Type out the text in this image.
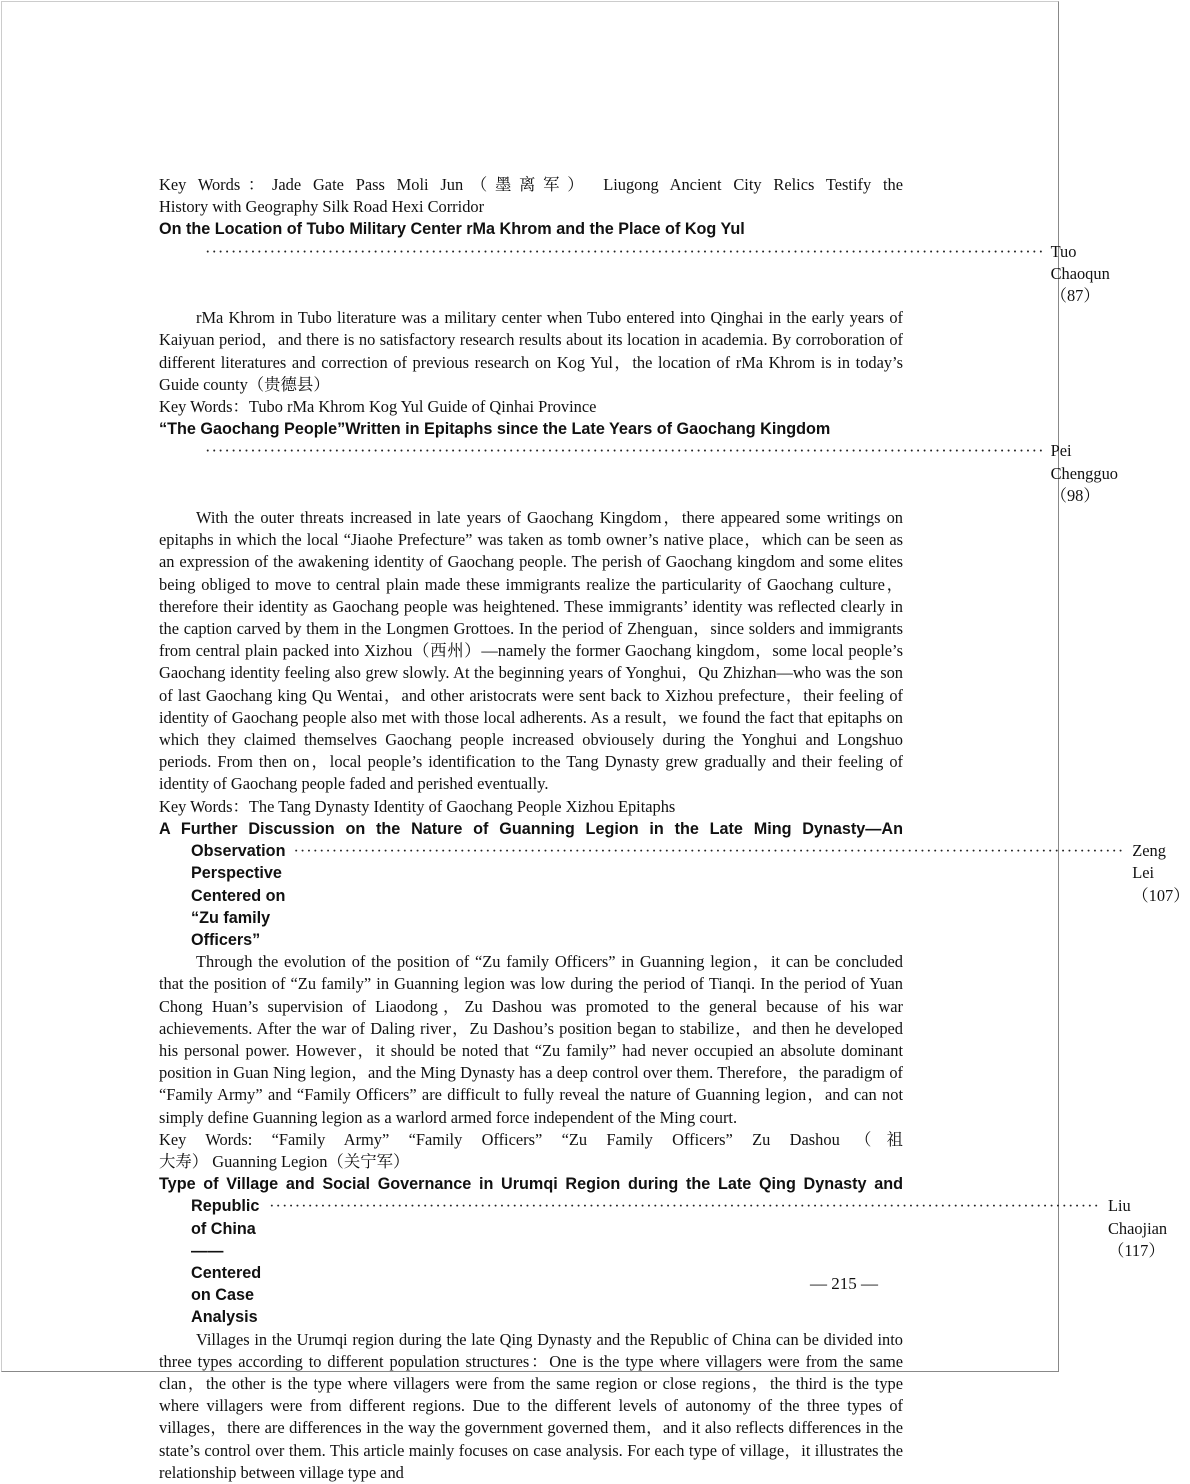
Key Words：Jade Gate Pass Moli Jun（墨离军） Liugong Ancient City Relics Testify the

History with Geography Silk Road Hexi Corridor

On the Location of Tubo Military Center rMa Khrom and the Place of Kog Yul

·································································································································· Tuo Chaoqun（87）

rMa Khrom in Tubo literature was a military center when Tubo entered into Qinghai in the early years of Kaiyuan period，and there is no satisfactory research results about its location in academia. By corroboration of different literatures and correction of previous research on Kog Yul，the location of rMa Khrom is in today’s Guide county（贵德县）

Key Words：Tubo rMa Khrom Kog Yul Guide of Qinhai Province

“The Gaochang People”Written in Epitaphs since the Late Years of Gaochang Kingdom

·································································································································· Pei Chengguo（98）

With the outer threats increased in late years of Gaochang Kingdom，there appeared some writings on epitaphs in which the local “Jiaohe Prefecture” was taken as tomb owner’s native place，which can be seen as an expression of the awakening identity of Gaochang people. The perish of Gaochang kingdom and some elites being obliged to move to central plain made these immigrants realize the particularity of Gaochang culture，therefore their identity as Gaochang people was heightened. These immigrants’ identity was reflected clearly in the caption carved by them in the Longmen Grottoes. In the period of Zhenguan，since solders and immigrants from central plain packed into Xizhou（西州）—namely the former Gaochang kingdom，some local people’s Gaochang identity feeling also grew slowly. At the beginning years of Yonghui，Qu Zhizhan—who was the son of last Gaochang king Qu Wentai，and other aristocrats were sent back to Xizhou prefecture，their feeling of identity of Gaochang people also met with those local adherents. As a result，we found the fact that epitaphs on which they claimed themselves Gaochang people increased obviousely during the Yonghui and Longshuo periods. From then on，local people’s identification to the Tang Dynasty grew gradually and their feeling of identity of Gaochang people faded and perished eventually.

Key Words：The Tang Dynasty Identity of Gaochang People Xizhou Epitaphs

A Further Discussion on the Nature of Guanning Legion in the Late Ming Dynasty—An

Observation Perspective Centered on “Zu family Officers”
·································································································································· Zeng Lei（107）

Through the evolution of the position of “Zu family Officers” in Guanning legion，it can be concluded that the position of “Zu family” in Guanning legion was low during the period of Tianqi. In the period of Yuan Chong Huan’s supervision of Liaodong，Zu Dashou was promoted to the general because of his war achievements. After the war of Daling river，Zu Dashou’s position began to stabilize，and then he developed his personal power. However，it should be noted that “Zu family” had never occupied an absolute dominant position in Guan Ning legion，and the Ming Dynasty has a deep control over them. Therefore，the paradigm of “Family Army” and “Family Officers” are difficult to fully reveal the nature of Guanning legion，and can not simply define Guanning legion as a warlord armed force independent of the Ming court.

Key Words: “Family Army” “Family Officers” “Zu Family Officers” Zu Dashou（祖

大寿） Guanning Legion（关宁军）

Type of Village and Social Governance in Urumqi Region during the Late Qing Dynasty and

Republic of China——Centered on Case Analysis
·································································································································· Liu Chaojian（117）

Villages in the Urumqi region during the late Qing Dynasty and the Republic of China can be divided into three types according to different population structures：One is the type where villagers were from the same clan，the other is the type where villagers were from the same region or close regions，the third is the type where villagers were from different regions. Due to the different levels of autonomy of the three types of villages，there are differences in the way the government governed them，and it also reflects differences in the state’s control over them. This article mainly focuses on case analysis. For each type of village，it illustrates the relationship between village type and

— 215 —
